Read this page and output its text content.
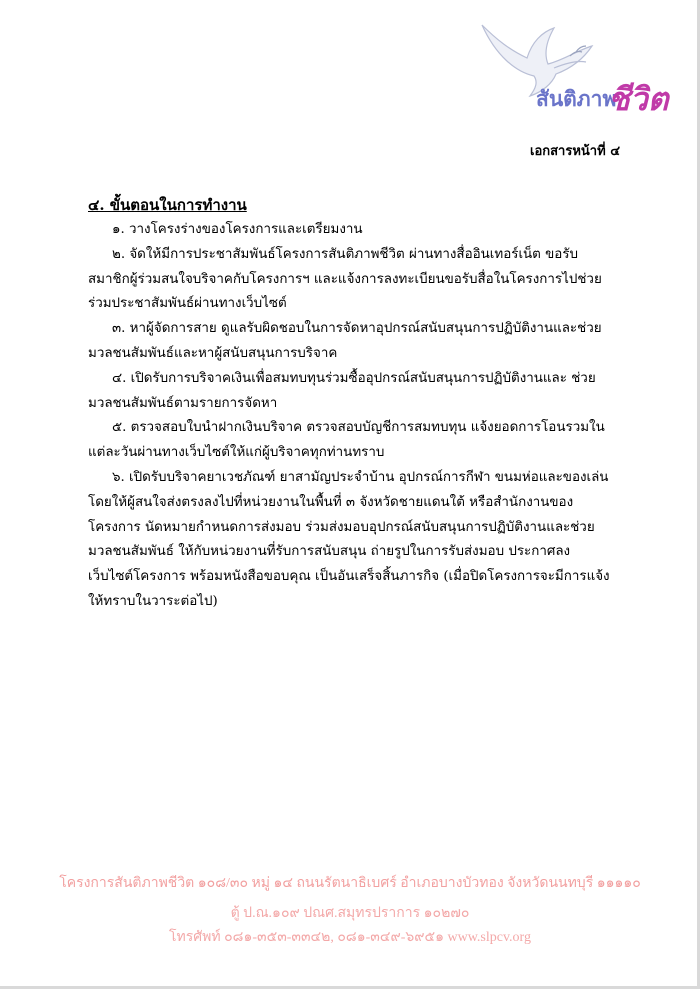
สันติภาพ
ชีวิต
เอกสารหน้าที่ ๔
๔. ขั้นตอนในการทำงาน

๑. วางโครงร่างของโครงการและเตรียมงาน

๒. จัดให้มีการประชาสัมพันธ์โครงการสันติภาพชีวิต ผ่านทางสื่ออินเทอร์เน็ต ขอรับสมาชิกผู้ร่วมสนใจบริจาคกับโครงการฯ และแจ้งการลงทะเบียนขอรับสื่อในโครงการไปช่วยร่วมประชาสัมพันธ์ผ่านทางเว็บไซต์

๓. หาผู้จัดการสาย ดูแลรับผิดชอบในการจัดหาอุปกรณ์สนับสนุนการปฏิบัติงานและช่วยมวลชนสัมพันธ์และหาผู้สนับสนุนการบริจาค

๔. เปิดรับการบริจาคเงินเพื่อสมทบทุนร่วมซื้ออุปกรณ์สนับสนุนการปฏิบัติงานและ ช่วยมวลชนสัมพันธ์ตามรายการจัดหา

๕. ตรวจสอบใบนำฝากเงินบริจาค ตรวจสอบบัญชีการสมทบทุน แจ้งยอดการโอนรวมในแต่ละวันผ่านทางเว็บไซต์ให้แก่ผู้บริจาคทุกท่านทราบ

๖. เปิดรับบริจาคยาเวชภัณฑ์ ยาสามัญประจำบ้าน อุปกรณ์การกีฬา ขนมห่อและของเล่น โดยให้ผู้สนใจส่งตรงลงไปที่หน่วยงานในพื้นที่ ๓ จังหวัดชายแดนใต้ หรือสำนักงานของโครงการ นัดหมายกำหนดการส่งมอบ ร่วมส่งมอบอุปกรณ์สนับสนุนการปฏิบัติงานและช่วยมวลชนสัมพันธ์ ให้กับหน่วยงานที่รับการสนับสนุน ถ่ายรูปในการรับส่งมอบ ประกาศลงเว็บไซต์โครงการ พร้อมหนังสือขอบคุณ เป็นอันเสร็จสิ้นภารกิจ (เมื่อปิดโครงการจะมีการแจ้งให้ทราบในวาระต่อไป)

โครงการสันติภาพชีวิต ๑๐๘/๓๐ หมู่ ๑๔ ถนนรัตนาธิเบศร์ อำเภอบางบัวทอง จังหวัดนนทบุรี ๑๑๑๑๐
ตู้ ป.ณ.๑๐๙ ปณศ.สมุทรปราการ ๑๐๒๗๐
โทรศัพท์ ๐๘๑-๓๕๓-๓๓๔๒, ๐๘๑-๓๔๙-๖๙๕๑ www.slpcv.org
